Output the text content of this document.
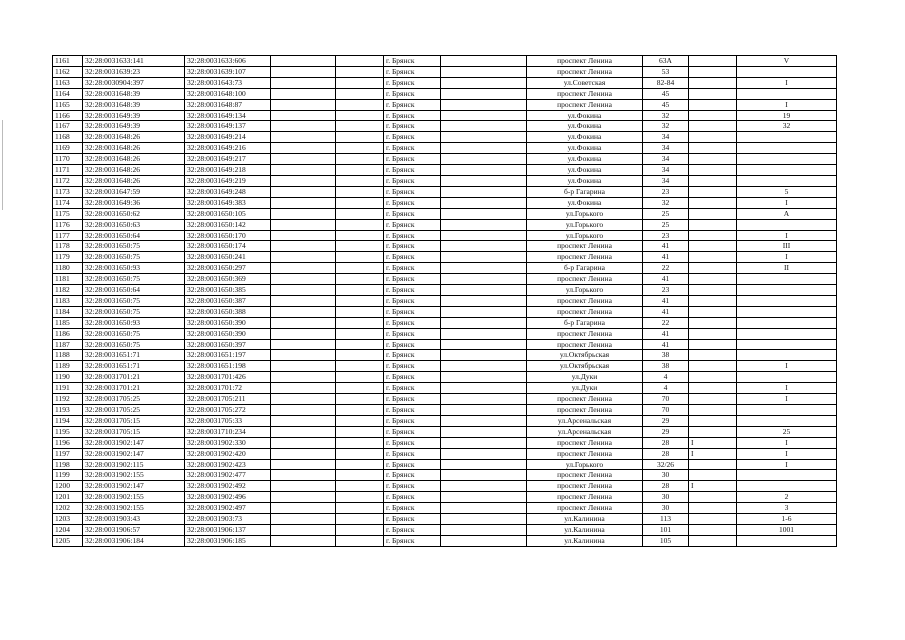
1161	32:28:0031633:141	32:28:0031633:606			г. Брянск		проспект Ленина	63А		V
1162	32:28:0031639:23	32:28:0031639:107			г. Брянск		проспект Ленина	53		
1163	32:28:0030904:397	32:28:0031643:73			г. Брянск		ул.Советская	82-84		I
1164	32:28:0031648:39	32:28:0031648:100			г. Брянск		проспект Ленина	45		
1165	32:28:0031648:39	32:28:0031648:87			г. Брянск		проспект Ленина	45		I
1166	32:28:0031649:39	32:28:0031649:134			г. Брянск		ул.Фокина	32		19
1167	32:28:0031649:39	32:28:0031649:137			г. Брянск		ул.Фокина	32		32
1168	32:28:0031648:26	32:28:0031649:214			г. Брянск		ул.Фокина	34		
1169	32:28:0031648:26	32:28:0031649:216			г. Брянск		ул.Фокина	34		
1170	32:28:0031648:26	32:28:0031649:217			г. Брянск		ул.Фокина	34		
1171	32:28:0031648:26	32:28:0031649:218			г. Брянск		ул.Фокина	34		
1172	32:28:0031648:26	32:28:0031649:219			г. Брянск		ул.Фокина	34		
1173	32:28:0031647:59	32:28:0031649:248			г. Брянск		б-р Гагарина	23		5
1174	32:28:0031649:36	32:28:0031649:383			г. Брянск		ул.Фокина	32		I
1175	32:28:0031650:62	32:28:0031650:105			г. Брянск		ул.Горького	25		А
1176	32:28:0031650:63	32:28:0031650:142			г. Брянск		ул.Горького	25		
1177	32:28:0031650:64	32:28:0031650:170			г. Брянск		ул.Горького	23		I
1178	32:28:0031650:75	32:28:0031650:174			г. Брянск		проспект Ленина	41		III
1179	32:28:0031650:75	32:28:0031650:241			г. Брянск		проспект Ленина	41		I
1180	32:28:0031650:93	32:28:0031650:297			г. Брянск		б-р Гагарина	22		II
1181	32:28:0031650:75	32:28:0031650:369			г. Брянск		проспект Ленина	41		
1182	32:28:0031650:64	32:28:0031650:385			г. Брянск		ул.Горького	23		
1183	32:28:0031650:75	32:28:0031650:387			г. Брянск		проспект Ленина	41		
1184	32:28:0031650:75	32:28:0031650:388			г. Брянск		проспект Ленина	41		
1185	32:28:0031650:93	32:28:0031650:390			г. Брянск		б-р Гагарина	22		
1186	32:28:0031650:75	32:28:0031650:390			г. Брянск		проспект Ленина	41		
1187	32:28:0031650:75	32:28:0031650:397			г. Брянск		проспект Ленина	41		
1188	32:28:0031651:71	32:28:0031651:197			г. Брянск		ул.Октябрьская	38		
1189	32:28:0031651:71	32:28:0031651:198			г. Брянск		ул.Октябрьская	38		I
1190	32:28:0031701:21	32:28:0031701:426			г. Брянск		ул.Дуки	4		
1191	32:28:0031701:21	32:28:0031701:72			г. Брянск		ул.Дуки	4		I
1192	32:28:0031705:25	32:28:0031705:211			г. Брянск		проспект Ленина	70		I
1193	32:28:0031705:25	32:28:0031705:272			г. Брянск		проспект Ленина	70		
1194	32:28:0031705:15	32:28:0031705:33			г. Брянск		ул.Арсенальская	29		
1195	32:28:0031705:15	32:28:0031710:234			г. Брянск		ул.Арсенальская	29		25
1196	32:28:0031902:147	32:28:0031902:330			г. Брянск		проспект Ленина	28	I	I
1197	32:28:0031902:147	32:28:0031902:420			г. Брянск		проспект Ленина	28	I	I
1198	32:28:0031902:115	32:28:0031902:423			г. Брянск		ул.Горького	32/26		I
1199	32:28:0031902:155	32:28:0031902:477			г. Брянск		проспект Ленина	30		
1200	32:28:0031902:147	32:28:0031902:492			г. Брянск		проспект Ленина	28	I	
1201	32:28:0031902:155	32:28:0031902:496			г. Брянск		проспект Ленина	30		2
1202	32:28:0031902:155	32:28:0031902:497			г. Брянск		проспект Ленина	30		3
1203	32:28:0031903:43	32:28:0031903:73			г. Брянск		ул.Калинина	113		1-6
1204	32:28:0031906:57	32:28:0031906:137			г. Брянск		ул.Калинина	101		1001
1205	32:28:0031906:184	32:28:0031906:185			г. Брянск		ул.Калинина	105		
